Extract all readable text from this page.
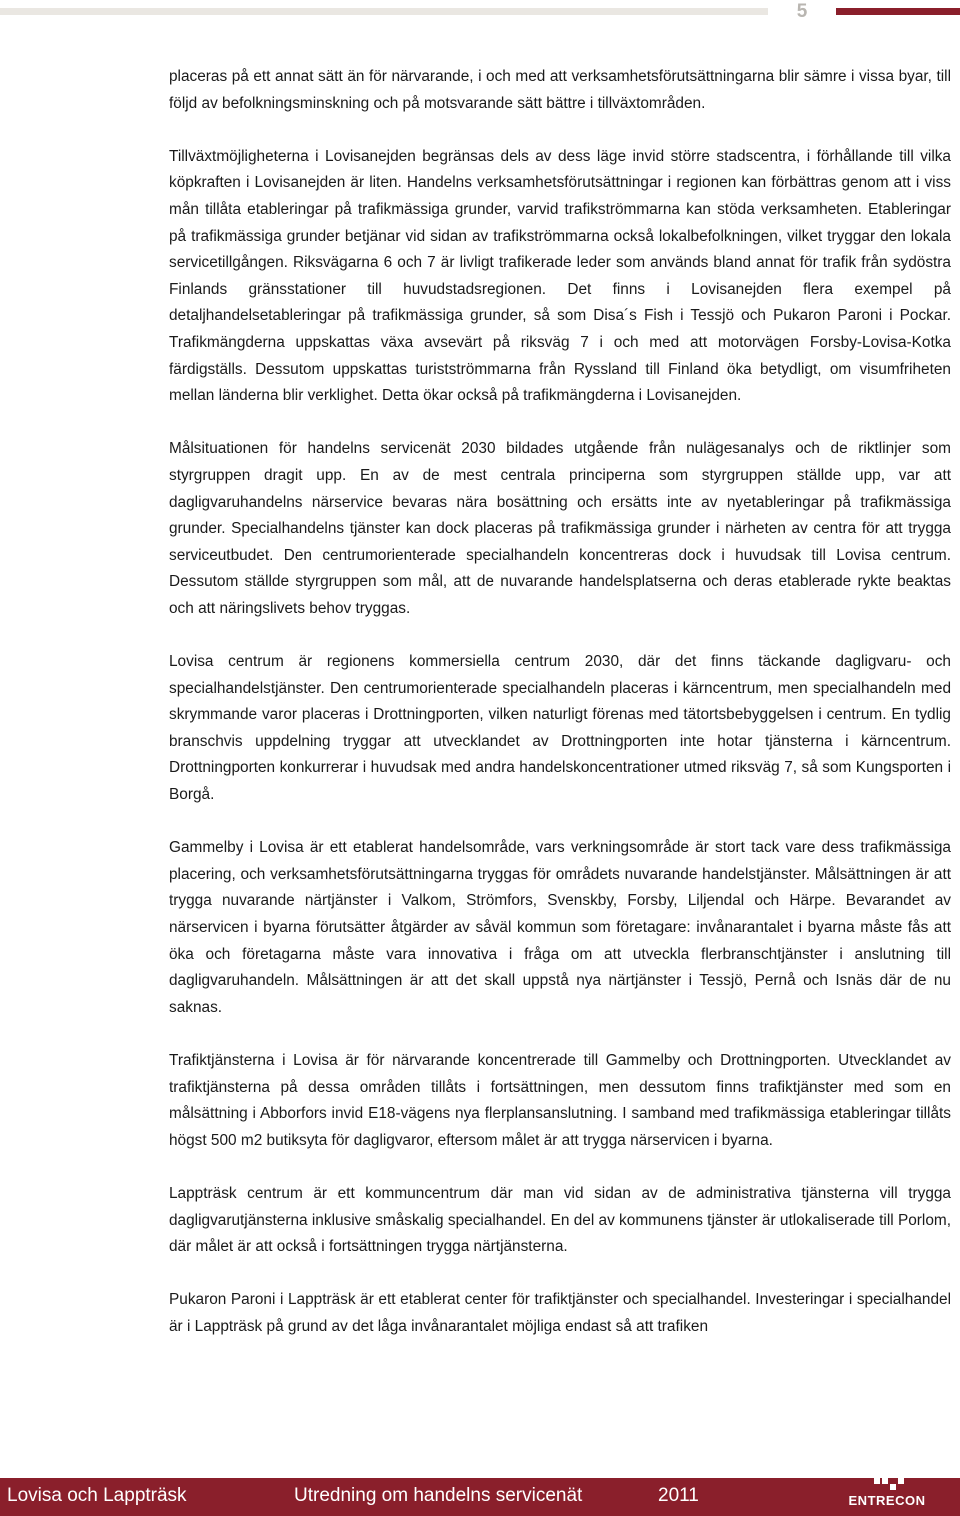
5

placeras på ett annat sätt än för närvarande, i och med att verksamhetsförutsättningarna blir sämre i vissa byar, till följd av befolkningsminskning och på motsvarande sätt bättre i tillväxtområden.

Tillväxtmöjligheterna i Lovisanejden begränsas dels av dess läge invid större stadscentra, i förhållande till vilka köpkraften i Lovisanejden är liten. Handelns verksamhetsförutsättningar i regionen kan förbättras genom att i viss mån tillåta etableringar på trafikmässiga grunder, varvid trafikströmmarna kan stöda verksamheten. Etableringar på trafikmässiga grunder betjänar vid sidan av trafikströmmarna också lokalbefolkningen, vilket tryggar den lokala servicetillgången. Riksvägarna 6 och 7 är livligt trafikerade leder som används bland annat för trafik från sydöstra Finlands gränsstationer till huvudstadsregionen. Det finns i Lovisanejden flera exempel på detaljhandelsetableringar på trafikmässiga grunder, så som Disa´s Fish i Tessjö och Pukaron Paroni i Pockar. Trafikmängderna uppskattas växa avsevärt på riksväg 7 i och med att motorvägen Forsby-Lovisa-Kotka färdigställs. Dessutom uppskattas turistströmmarna från Ryssland till Finland öka betydligt, om visumfriheten mellan länderna blir verklighet. Detta ökar också på trafikmängderna i Lovisanejden.

Målsituationen för handelns servicenät 2030 bildades utgående från nulägesanalys och de riktlinjer som styrgruppen dragit upp. En av de mest centrala principerna som styrgruppen ställde upp, var att dagligvaruhandelns närservice bevaras nära bosättning och ersätts inte av nyetableringar på trafikmässiga grunder. Specialhandelns tjänster kan dock placeras på trafikmässiga grunder i närheten av centra för att trygga serviceutbudet. Den centrumorienterade specialhandeln koncentreras dock i huvudsak till Lovisa centrum. Dessutom ställde styrgruppen som mål, att de nuvarande handelsplatserna och deras etablerade rykte beaktas och att näringslivets behov tryggas.

Lovisa centrum är regionens kommersiella centrum 2030, där det finns täckande dagligvaru- och specialhandelstjänster. Den centrumorienterade specialhandeln placeras i kärncentrum, men specialhandeln med skrymmande varor placeras i Drottningporten, vilken naturligt förenas med tätortsbebyggelsen i centrum. En tydlig branschvis uppdelning tryggar att utvecklandet av Drottningporten inte hotar tjänsterna i kärncentrum. Drottningporten konkurrerar i huvudsak med andra handelskoncentrationer utmed riksväg 7, så som Kungsporten i Borgå.

Gammelby i Lovisa är ett etablerat handelsområde, vars verkningsområde är stort tack vare dess trafikmässiga placering, och verksamhetsförutsättningarna tryggas för områdets nuvarande handelstjänster. Målsättningen är att trygga nuvarande närtjänster i Valkom, Strömfors, Svenskby, Forsby, Liljendal och Härpe. Bevarandet av närservicen i byarna förutsätter åtgärder av såväl kommun som företagare: invånarantalet i byarna måste fås att öka och företagarna måste vara innovativa i fråga om att utveckla flerbranschtjänster i anslutning till dagligvaruhandeln. Målsättningen är att det skall uppstå nya närtjänster i Tessjö, Pernå och Isnäs där de nu saknas.

Trafiktjänsterna i Lovisa är för närvarande koncentrerade till Gammelby och Drottningporten. Utvecklandet av trafiktjänsterna på dessa områden tillåts i fortsättningen, men dessutom finns trafiktjänster med som en målsättning i Abborfors invid E18-vägens nya flerplansanslutning. I samband med trafikmässiga etableringar tillåts högst 500 m2 butiksyta för dagligvaror, eftersom målet är att trygga närservicen i byarna.

Lappträsk centrum är ett kommuncentrum där man vid sidan av de administrativa tjänsterna vill trygga dagligvarutjänsterna inklusive småskalig specialhandel. En del av kommunens tjänster är utlokaliserade till Porlom, där målet är att också i fortsättningen trygga närtjänsterna.

Pukaron Paroni i Lappträsk är ett etablerat center för trafiktjänster och specialhandel. Investeringar i specialhandel är i Lappträsk på grund av det låga invånarantalet möjliga endast så att trafiken

Lovisa och Lappträsk	Utredning om handelns servicenät	2011	ENTRECON
